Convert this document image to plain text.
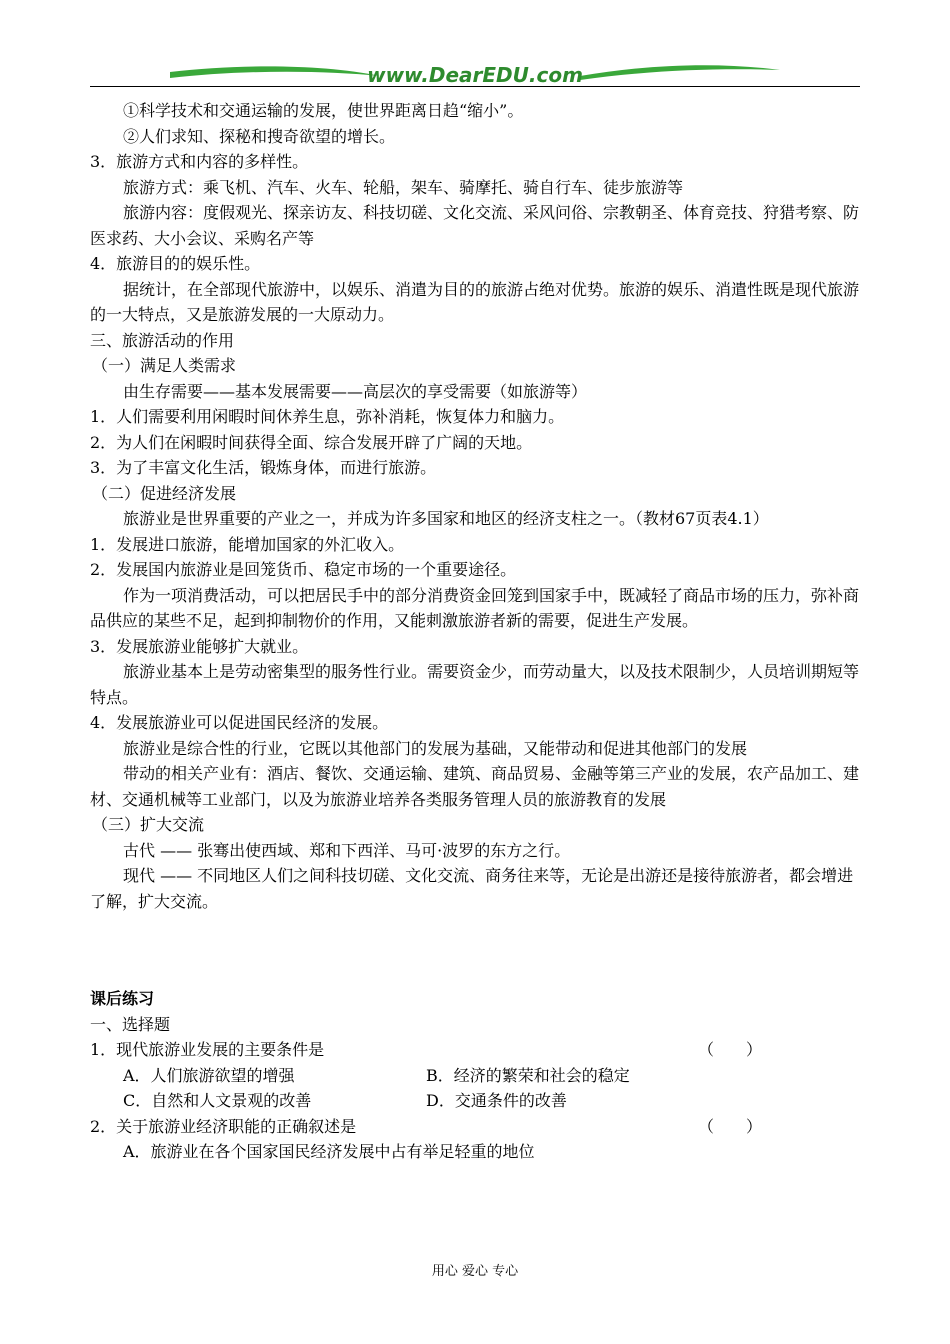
www.DearEDU.com
①科学技术和交通运输的发展，使世界距离日趋“缩小”。
②人们求知、探秘和搜奇欲望的增长。
3．旅游方式和内容的多样性。
旅游方式：乘飞机、汽车、火车、轮船，架车、骑摩托、骑自行车、徒步旅游等
旅游内容：度假观光、探亲访友、科技切磋、文化交流、采风问俗、宗教朝圣、体育竞技、狩猎考察、防医求药、大小会议、采购名产等
4．旅游目的的娱乐性。
据统计，在全部现代旅游中，以娱乐、消遣为目的的旅游占绝对优势。旅游的娱乐、消遣性既是现代旅游的一大特点，又是旅游发展的一大原动力。
三、旅游活动的作用
（一）满足人类需求
由生存需要——基本发展需要——高层次的享受需要（如旅游等）
1．人们需要利用闲暇时间休养生息，弥补消耗，恢复体力和脑力。
2．为人们在闲暇时间获得全面、综合发展开辟了广阔的天地。
3．为了丰富文化生活，锻炼身体，而进行旅游。
（二）促进经济发展
旅游业是世界重要的产业之一，并成为许多国家和地区的经济支柱之一。（教材67页表4.1）
1．发展进口旅游，能增加国家的外汇收入。
2．发展国内旅游业是回笼货币、稳定市场的一个重要途径。
作为一项消费活动，可以把居民手中的部分消费资金回笼到国家手中，既减轻了商品市场的压力，弥补商品供应的某些不足，起到抑制物价的作用，又能刺激旅游者新的需要，促进生产发展。
3．发展旅游业能够扩大就业。
旅游业基本上是劳动密集型的服务性行业。需要资金少，而劳动量大，以及技术限制少，人员培训期短等特点。
4．发展旅游业可以促进国民经济的发展。
旅游业是综合性的行业，它既以其他部门的发展为基础，又能带动和促进其他部门的发展
带动的相关产业有：酒店、餐饮、交通运输、建筑、商品贸易、金融等第三产业的发展，农产品加工、建材、交通机械等工业部门，以及为旅游业培养各类服务管理人员的旅游教育的发展
（三）扩大交流
古代 —— 张骞出使西域、郑和下西洋、马可·波罗的东方之行。
现代 —— 不同地区人们之间科技切磋、文化交流、商务往来等，无论是出游还是接待旅游者，都会增进了解，扩大交流。
课后练习
一、选择题
1．现代旅游业发展的主要条件是	（　　）
A．人们旅游欲望的增强	B．经济的繁荣和社会的稳定
C．自然和人文景观的改善	D．交通条件的改善
2．关于旅游业经济职能的正确叙述是	（　　）
A．旅游业在各个国家国民经济发展中占有举足轻重的地位
用心 爱心 专心
